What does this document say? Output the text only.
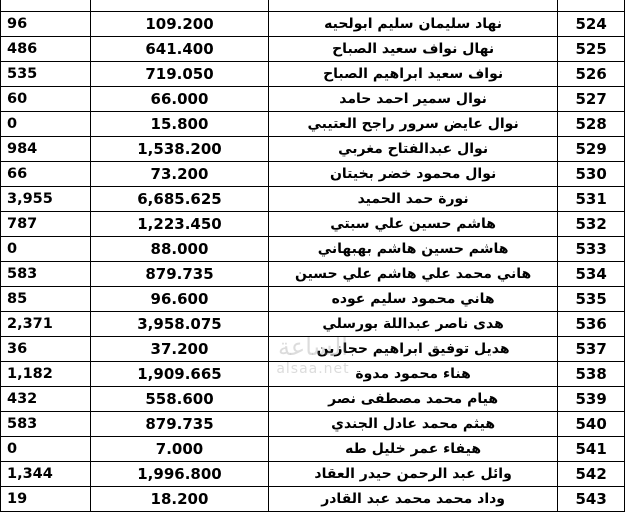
96	109.200	نهاد سليمان سليم ابولحيه	524
486	641.400	نهال نواف سعيد الصباح	525
535	719.050	نواف سعيد ابراهيم الصباح	526
60	66.000	نوال سمير احمد حامد	527
0	15.800	نوال عايض سرور راجح العتيبي	528
984	1,538.200	نوال عبدالفتاح مغربي	529
66	73.200	نوال محمود خضر بخيتان	530
3,955	6,685.625	نورة حمد الحميد	531
787	1,223.450	هاشم حسين علي سبتي	532
0	88.000	هاشم حسين هاشم بهبهاني	533
583	879.735	هاني محمد علي هاشم علي حسين	534
85	96.600	هاني محمود سليم عوده	535
2,371	3,958.075	هدى ناصر عبداللة بورسلي	536
36	37.200	هديل توفيق ابراهيم حجازين	537
1,182	1,909.665	هناء محمود مدوة	538
432	558.600	هيام محمد مصطفى نصر	539
583	879.735	هيثم محمد عادل الجندي	540
0	7.000	هيفاء عمر خليل طه	541
1,344	1,996.800	وائل عبد الرحمن حيدر العقاد	542
19	18.200	وداد محمد محمد عبد القادر	543
الساعة
alsaa.net
